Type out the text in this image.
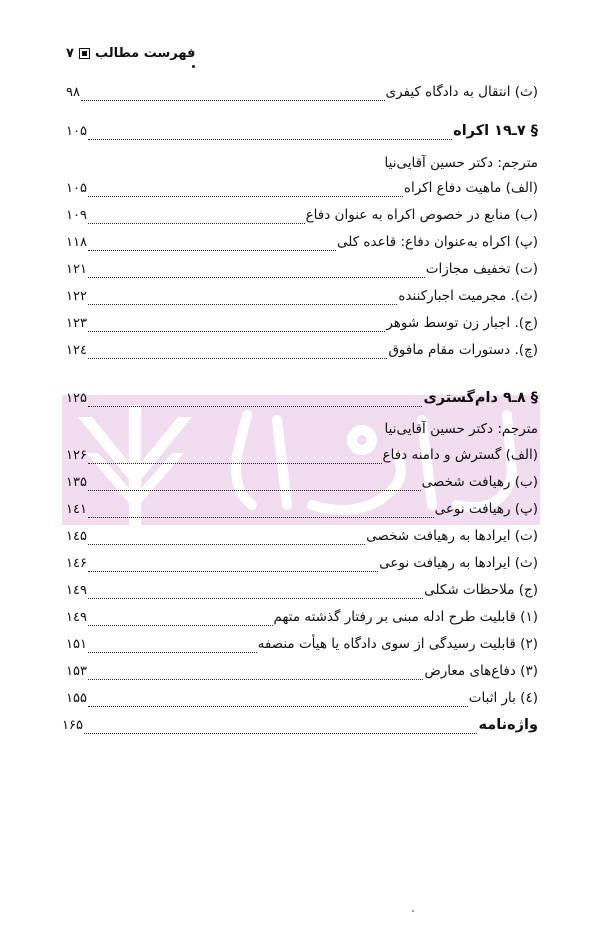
فهرست مطالب
۷
(ث) انتقال به دادگاه کیفری
۹۸
§ ۷ـ۱۹ اکراه
۱۰۵
مترجم: دکتر حسین آقایی‌نیا
(الف) ماهیت دفاع اکراه
۱۰۵
(ب) منابع در خصوص اکراه به عنوان دفاع
۱۰۹
(پ) اکراه به‌عنوان دفاع: قاعده کلی
۱۱۸
(ت) تخفیف مجازات
۱۲۱
(ث). مجرمیت اجبارکننده
۱۲۲
(ج). اجبار زن توسط شوهر
۱۲۳
(چ). دستورات مقام مافوق
۱۲٤
§ ۸ـ۹ دام‌گستری
۱۲۵
مترجم: دکتر حسین آقایی‌نیا
(الف) گسترش و دامنه دفاع
۱۲۶
(ب) رهیافت شخصی
۱۳۵
(پ) رهیافت نوعی
۱٤۱
(ت) ایرادها به رهیافت شخصی
۱٤۵
(ث) ایرادها به رهیافت نوعی
۱٤۶
(ج) ملاحظات شکلی
۱٤۹
(۱) قابلیت طرح ادله مبنی بر رفتار گذشته متهم
۱٤۹
(۲) قابلیت رسیدگی از سوی دادگاه یا هیأت منصفه
۱۵۱
(۳) دفاع‌های معارض
۱۵۳
(٤) بار اثبات
۱۵۵
واژه‌نامه
۱۶۵
